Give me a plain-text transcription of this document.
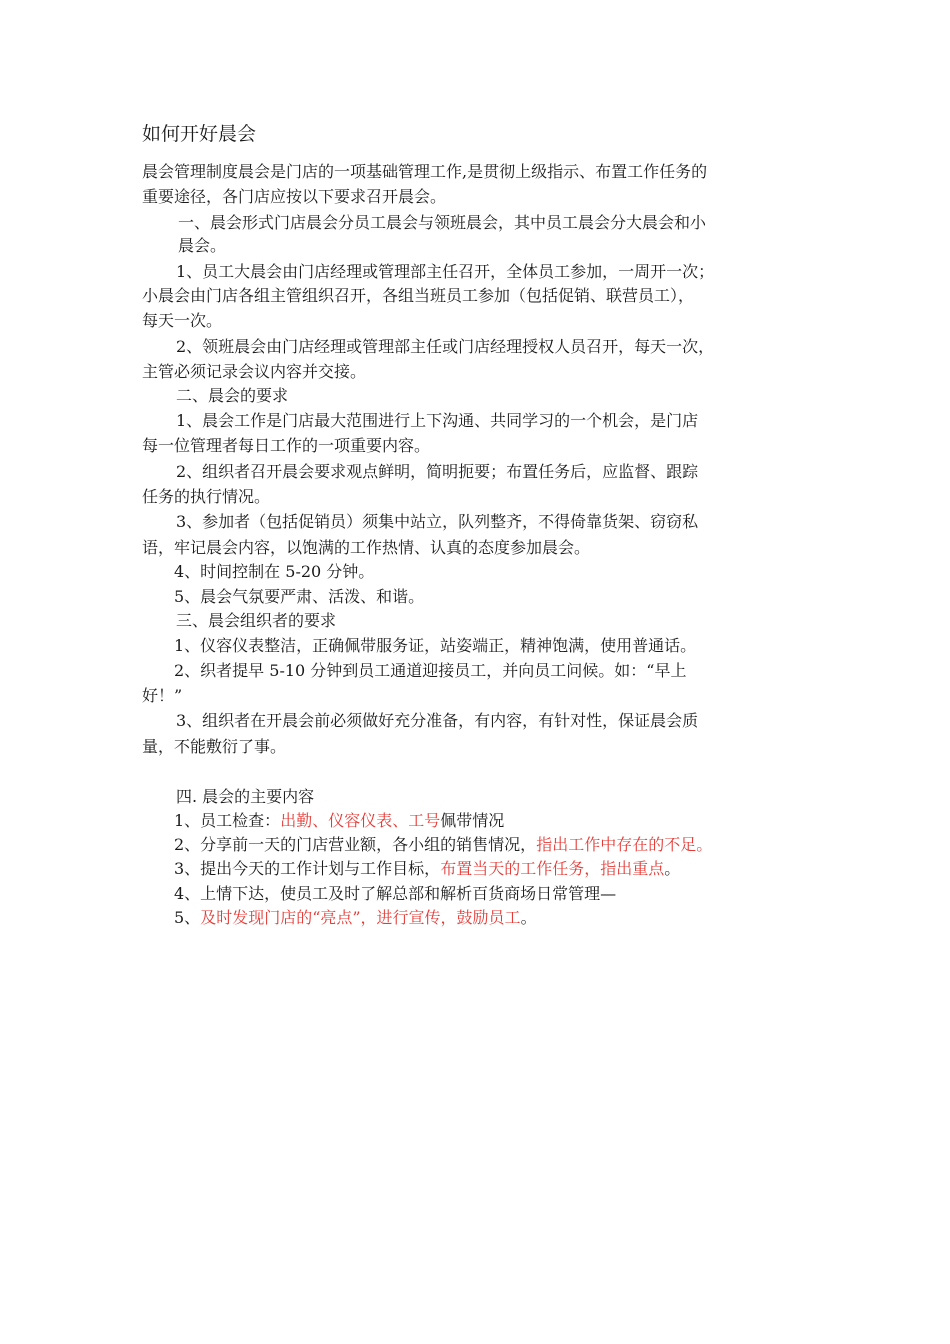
如何开好晨会
晨会管理制度晨会是门店的一项基础管理工作,是贯彻上级指示、布置工作任务的
重要途径，各门店应按以下要求召开晨会。
一、晨会形式门店晨会分员工晨会与领班晨会，其中员工晨会分大晨会和小
晨会。
1、员工大晨会由门店经理或管理部主任召开，全体员工参加，一周开一次；
小晨会由门店各组主管组织召开，各组当班员工参加（包括促销、联营员工），
每天一次。
2、领班晨会由门店经理或管理部主任或门店经理授权人员召开，每天一次，
主管必须记录会议内容并交接。
二、晨会的要求
1、晨会工作是门店最大范围进行上下沟通、共同学习的一个机会，是门店
每一位管理者每日工作的一项重要内容。
2、组织者召开晨会要求观点鲜明，简明扼要；布置任务后，应监督、跟踪
任务的执行情况。
3、参加者（包括促销员）须集中站立，队列整齐，不得倚靠货架、窃窃私
语，牢记晨会内容，以饱满的工作热情、认真的态度参加晨会。
4、时间控制在 5-20 分钟。
5、晨会气氛要严肃、活泼、和谐。
三、晨会组织者的要求
1、仪容仪表整洁，正确佩带服务证，站姿端正，精神饱满，使用普通话。
2、织者提早 5-10 分钟到员工通道迎接员工，并向员工问候。如：“早上
好！”
3、组织者在开晨会前必须做好充分准备，有内容，有针对性，保证晨会质
量，不能敷衍了事。
四. 晨会的主要内容
1、员工检查：出勤、仪容仪表、工号佩带情况
2、分享前一天的门店营业额，各小组的销售情况，指出工作中存在的不足。
3、提出今天的工作计划与工作目标，布置当天的工作任务，指出重点。
4、上情下达，使员工及时了解总部和解析百货商场日常管理—
5、及时发现门店的“亮点”，进行宣传，鼓励员工。
